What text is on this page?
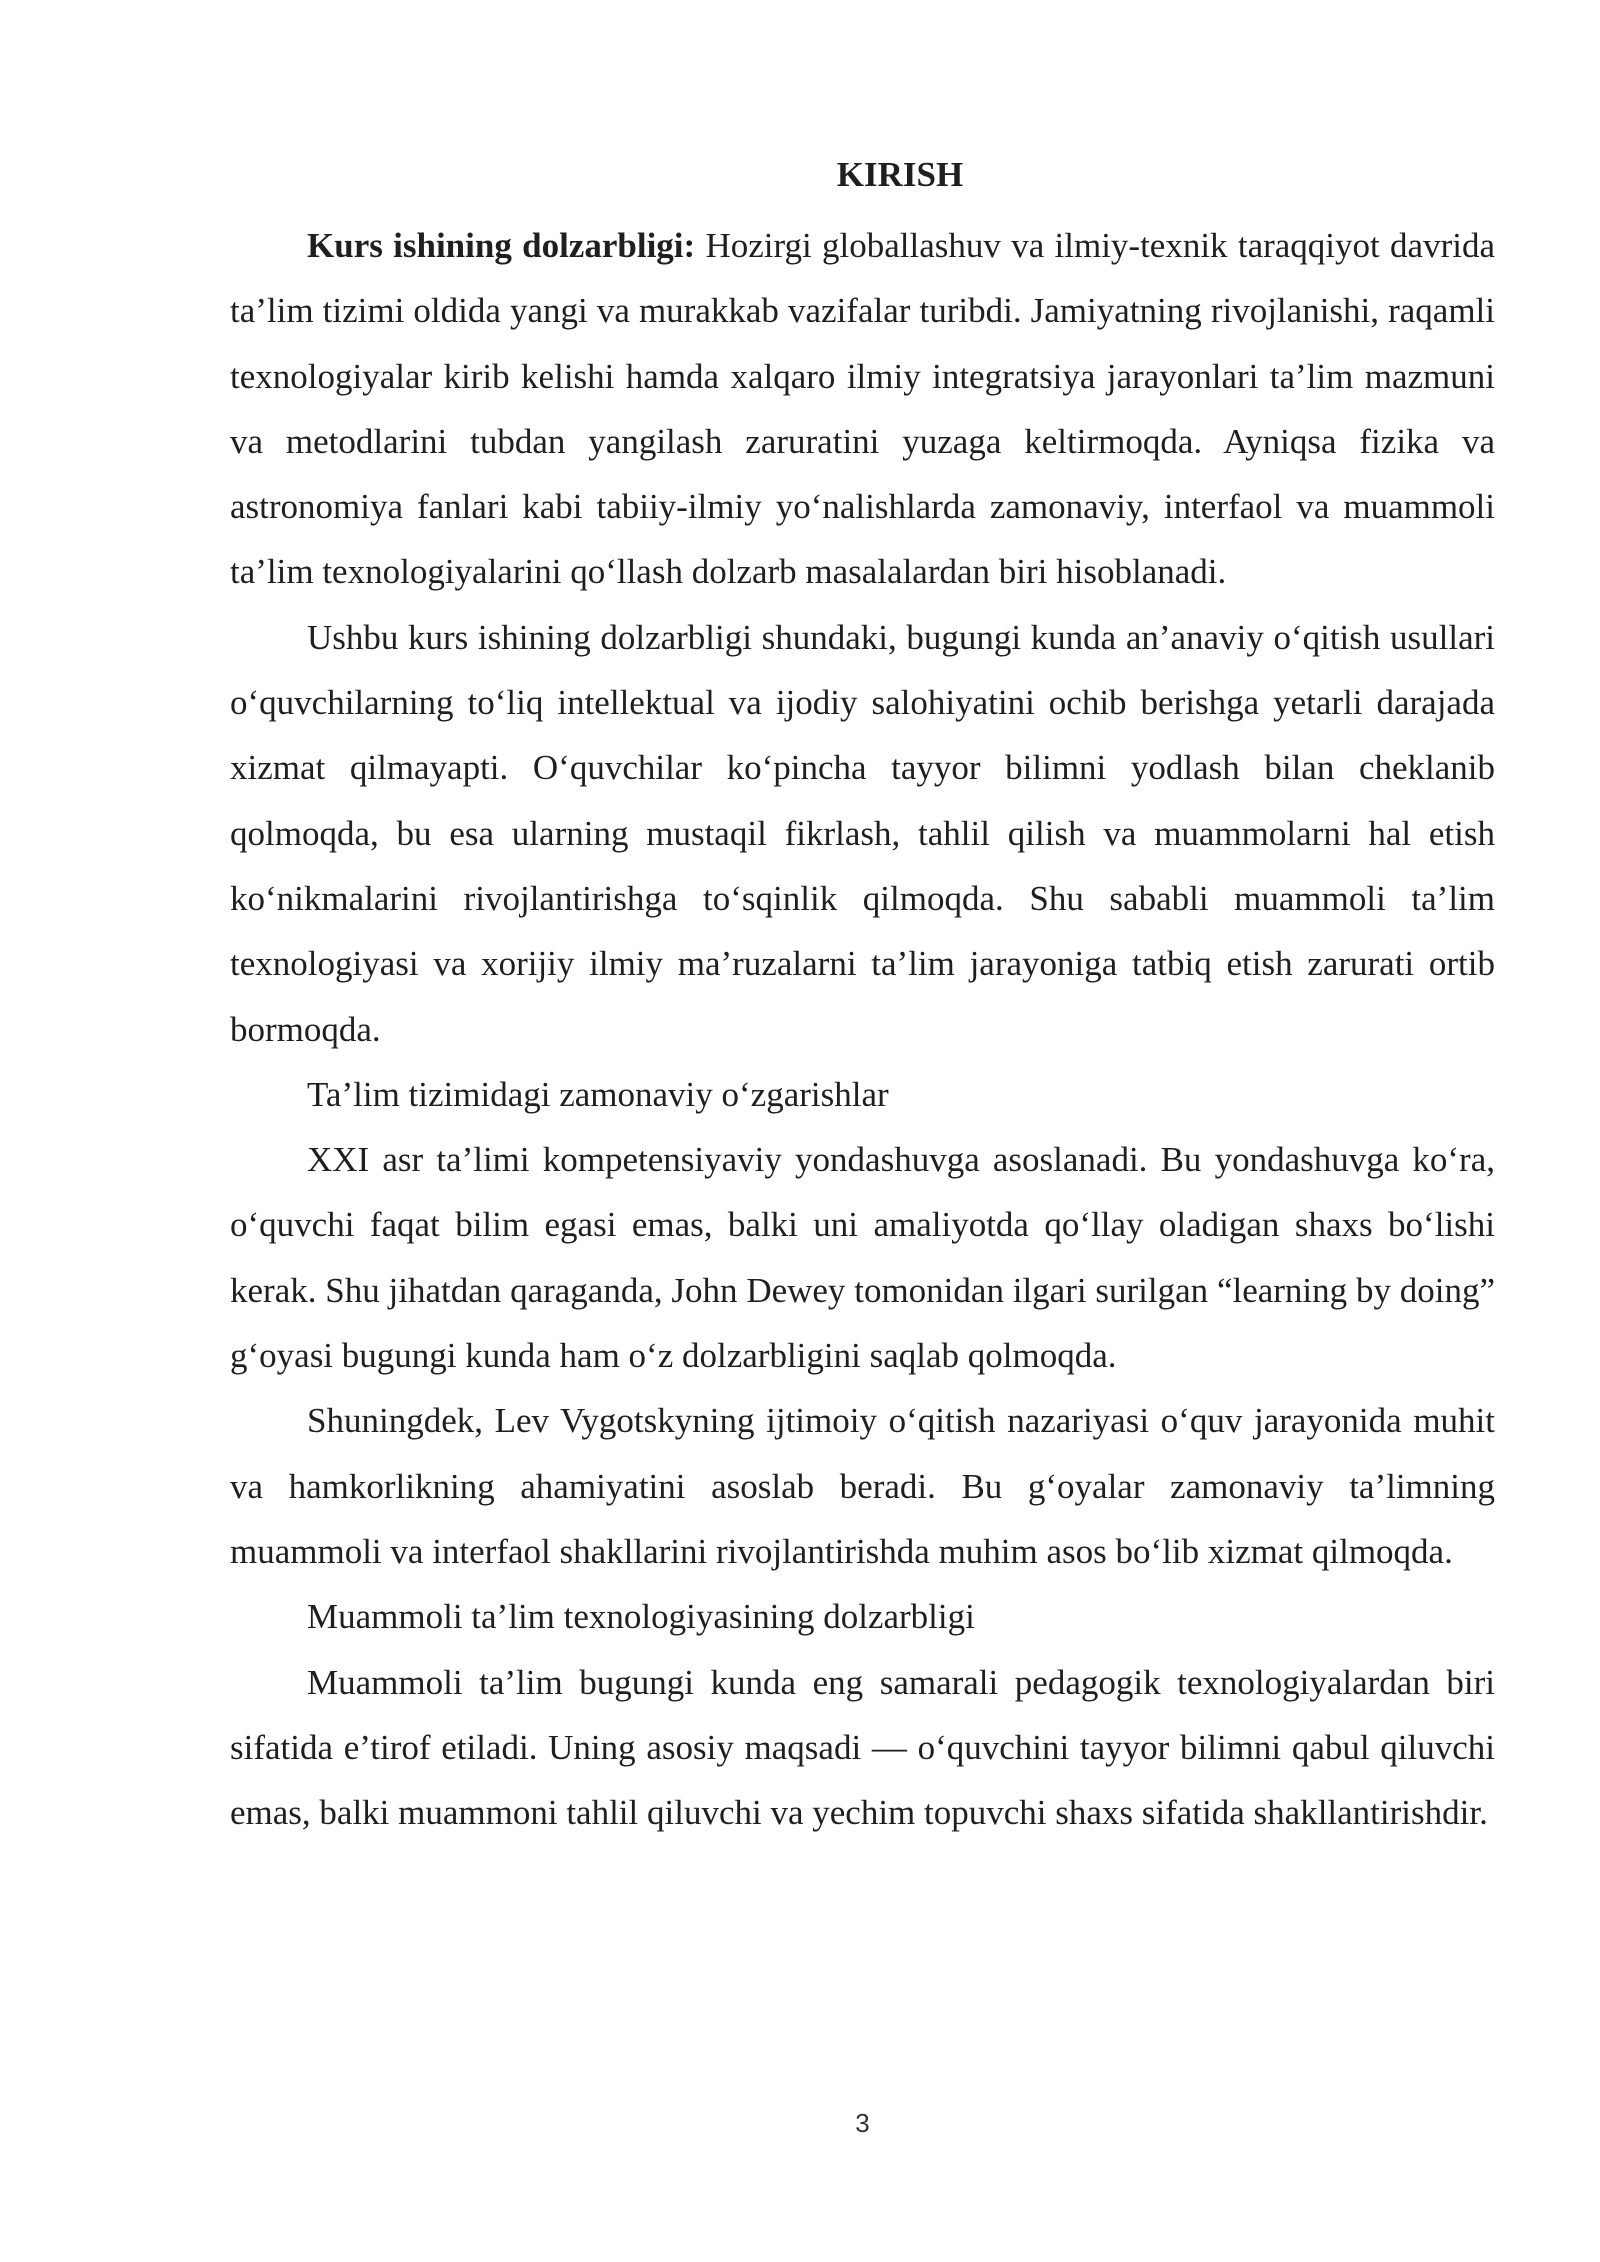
KIRISH

Kurs ishining dolzarbligi: Hozirgi globallashuv va ilmiy-texnik taraqqiyot davrida ta’lim tizimi oldida yangi va murakkab vazifalar turibdi. Jamiyatning rivojlanishi, raqamli texnologiyalar kirib kelishi hamda xalqaro ilmiy integratsiya jarayonlari ta’lim mazmuni va metodlarini tubdan yangilash zaruratini yuzaga keltirmoqda. Ayniqsa fizika va astronomiya fanlari kabi tabiiy-ilmiy yo‘nalishlarda zamonaviy, interfaol va muammoli ta’lim texnologiyalarini qo‘llash dolzarb masalalardan biri hisoblanadi.

Ushbu kurs ishining dolzarbligi shundaki, bugungi kunda an’anaviy o‘qitish usullari o‘quvchilarning to‘liq intellektual va ijodiy salohiyatini ochib berishga yetarli darajada xizmat qilmayapti. O‘quvchilar ko‘pincha tayyor bilimni yodlash bilan cheklanib qolmoqda, bu esa ularning mustaqil fikrlash, tahlil qilish va muammolarni hal etish ko‘nikmalarini rivojlantirishga to‘sqinlik qilmoqda. Shu sababli muammoli ta’lim texnologiyasi va xorijiy ilmiy ma’ruzalarni ta’lim jarayoniga tatbiq etish zarurati ortib bormoqda.

Ta’lim tizimidagi zamonaviy o‘zgarishlar

XXI asr ta’limi kompetensiyaviy yondashuvga asoslanadi. Bu yondashuvga ko‘ra, o‘quvchi faqat bilim egasi emas, balki uni amaliyotda qo‘llay oladigan shaxs bo‘lishi kerak. Shu jihatdan qaraganda, John Dewey tomonidan ilgari surilgan “learning by doing” g‘oyasi bugungi kunda ham o‘z dolzarbligini saqlab qolmoqda.

Shuningdek, Lev Vygotskyning ijtimoiy o‘qitish nazariyasi o‘quv jarayonida muhit va hamkorlikning ahamiyatini asoslab beradi. Bu g‘oyalar zamonaviy ta’limning muammoli va interfaol shakllarini rivojlantirishda muhim asos bo‘lib xizmat qilmoqda.

Muammoli ta’lim texnologiyasining dolzarbligi

Muammoli ta’lim bugungi kunda eng samarali pedagogik texnologiyalardan biri sifatida e’tirof etiladi. Uning asosiy maqsadi — o‘quvchini tayyor bilimni qabul qiluvchi emas, balki muammoni tahlil qiluvchi va yechim topuvchi shaxs sifatida shakllantirishdir.

3
